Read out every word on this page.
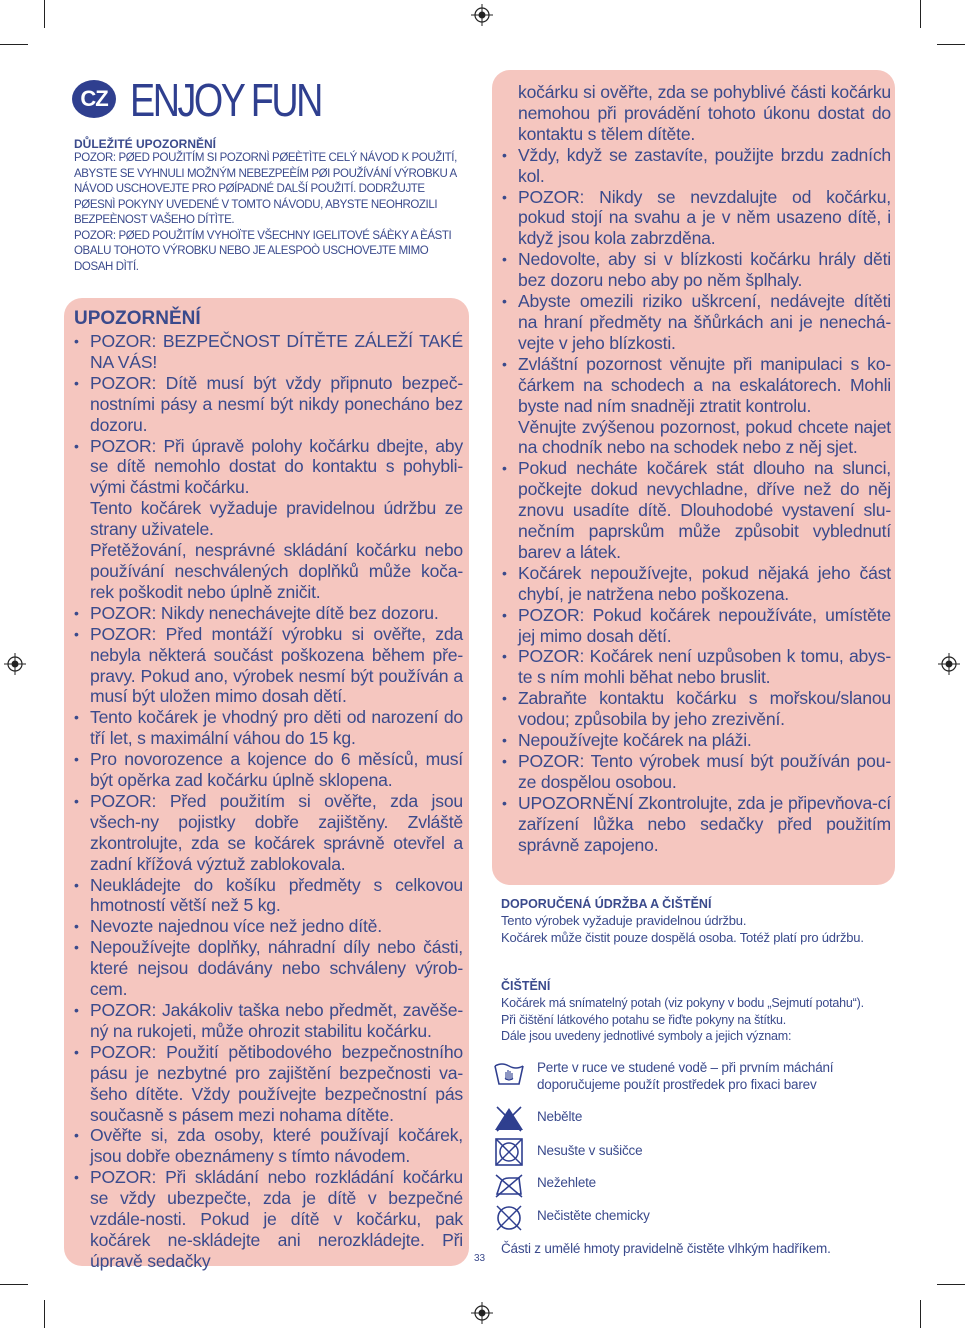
CZ ENJOY FUN
DŮLEŽITÉ UPOZORNĚNÍ

POZOR: PØED POUŽITÍM SI POZORNÌ PØEÈTÌTE CELÝ NÁVOD K POUŽITÍ, ABYSTE SE VYHNULI MOŽNÝM NEBEZPEÈÍM PØI POUŽÍVÁNÍ VÝROBKU A NÁVOD USCHOVEJTE PRO PØÍPADNÉ DALŠÍ POUŽITÍ. DODRŽUJTE PØESNÌ POKYNY UVEDENÉ V TOMTO NÁVODU, ABYSTE NEOHROZILI BEZPEÈNOST VAŠEHO DÍTÌTE.

POZOR: PØED POUŽITÍM VYHOÏTE VŠECHNY IGELITOVÉ SÁÈKY A ÈÁSTI OBALU TOHOTO VÝROBKU NEBO JE ALESPOÒ USCHOVEJTE MIMO DOSAH DÌTÍ.

UPOZORNĚNÍ
• POZOR: BEZPEČNOST DÍTĚTE ZÁLEŽÍ TAKÉ NA VÁS!
• POZOR: Dítě musí být vždy připnuto bezpeč-nostními pásy a nesmí být nikdy ponecháno bez dozoru.
• POZOR: Při úpravě polohy kočárku dbejte, aby se dítě nemohlo dostat do kontaktu s pohybli-vými částmi kočárku.
Tento kočárek vyžaduje pravidelnou údržbu ze strany uživatele.
Přetěžování, nesprávné skládání kočárku nebo používání neschválených doplňků může koča-rek poškodit nebo úplně zničit.
• POZOR: Nikdy nenechávejte dítě bez dozoru.
• POZOR: Před montáží výrobku si ověřte, zda nebyla některá součást poškozena během pře-pravy. Pokud ano, výrobek nesmí být používán a musí být uložen mimo dosah dětí.
• Tento kočárek je vhodný pro děti od narození do tří let, s maximální váhou do 15 kg.
• Pro novorozence a kojence do 6 měsíců, musí být opěrka zad kočárku úplně sklopena.
• POZOR: Před použitím si ověřte, zda jsou všech-ny pojistky dobře zajištěny. Zvláště zkontrolujte, zda se kočárek správně otevřel a zadní křížová výztuž zablokovala.
• Neukládejte do košíku předměty s celkovou hmotností větší než 5 kg.
• Nevozte najednou více než jedno dítě.
• Nepoužívejte doplňky, náhradní díly nebo části, které nejsou dodávány nebo schváleny výrob-cem.
• POZOR: Jakákoliv taška nebo předmět, zavěše-ný na rukojeti, může ohrozit stabilitu kočárku.
• POZOR: Použití pětibodového bezpečnostního pásu je nezbytné pro zajištění bezpečnosti va-šeho dítěte. Vždy používejte bezpečnostní pás současně s pásem mezi nohama dítěte.
• Ověřte si, zda osoby, které používají kočárek, jsou dobře obeznámeny s tímto návodem.
• POZOR: Při skládání nebo rozkládání kočárku se vždy ubezpečte, zda je dítě v bezpečné vzdále-nosti. Pokud je dítě v kočárku, pak kočárek ne-skládejte ani nerozkládejte. Při úpravě sedačky
kočárku si ověřte, zda se pohyblivé části kočárku nemohou při provádění tohoto úkonu dostat do kontaktu s tělem dítěte.
• Vždy, když se zastavíte, použijte brzdu zadních kol.
• POZOR: Nikdy se nevzdalujte od kočárku, pokud stojí na svahu a je v něm usazeno dítě, i když jsou kola zabrzděna.
• Nedovolte, aby si v blízkosti kočárku hrály děti bez dozoru nebo aby po něm šplhaly.
• Abyste omezili riziko uškrcení, nedávejte dítěti na hraní předměty na šňůrkách ani je nenechá-vejte v jeho blízkosti.
• Zvláštní pozornost věnujte při manipulaci s ko-čárkem na schodech a na eskalátorech. Mohli byste nad ním snadněji ztratit kontrolu.
Věnujte zvýšenou pozornost, pokud chcete najet na chodník nebo na schodek nebo z něj sjet.
• Pokud necháte kočárek stát dlouho na slunci, počkejte dokud nevychladne, dříve než do něj znovu usadíte dítě. Dlouhodobé vystavení slu-nečním paprskům může způsobit vyblednutí barev a látek.
• Kočárek nepoužívejte, pokud nějaká jeho část chybí, je natržena nebo poškozena.
• POZOR: Pokud kočárek nepoužíváte, umístěte jej mimo dosah dětí.
• POZOR: Kočárek není uzpůsoben k tomu, abys-te s ním mohli běhat nebo bruslit.
• Zabraňte kontaktu kočárku s mořskou/slanou vodou; způsobila by jeho zrezivění.
• Nepoužívejte kočárek na pláži.
• POZOR: Tento výrobek musí být používán pou-ze dospělou osobou.
• UPOZORNĚNÍ Zkontrolujte, zda je připevňova-cí zařízení lůžka nebo sedačky před použitím správně zapojeno.
DOPORUČENÁ ÚDRŽBA A ČIŠTĚNÍ

Tento výrobek vyžaduje pravidelnou údržbu.
Kočárek může čistit pouze dospělá osoba. Totéž platí pro údržbu.

ČIŠTĚNÍ

Kočárek má snímatelný potah (viz pokyny v bodu „Sejmutí potahu“).
Při čištění látkového potahu se řiďte pokyny na štítku.
Dále jsou uvedeny jednotlivé symboly a jejich význam:

Perte v ruce ve studené vodě – při prvním máchání doporučujeme použít prostředek pro fixaci barev
Nebělte
Nesušte v sušičce
Nežehlete
Nečistěte chemicky
Části z umělé hmoty pravidelně čistěte vlhkým hadříkem.
33
